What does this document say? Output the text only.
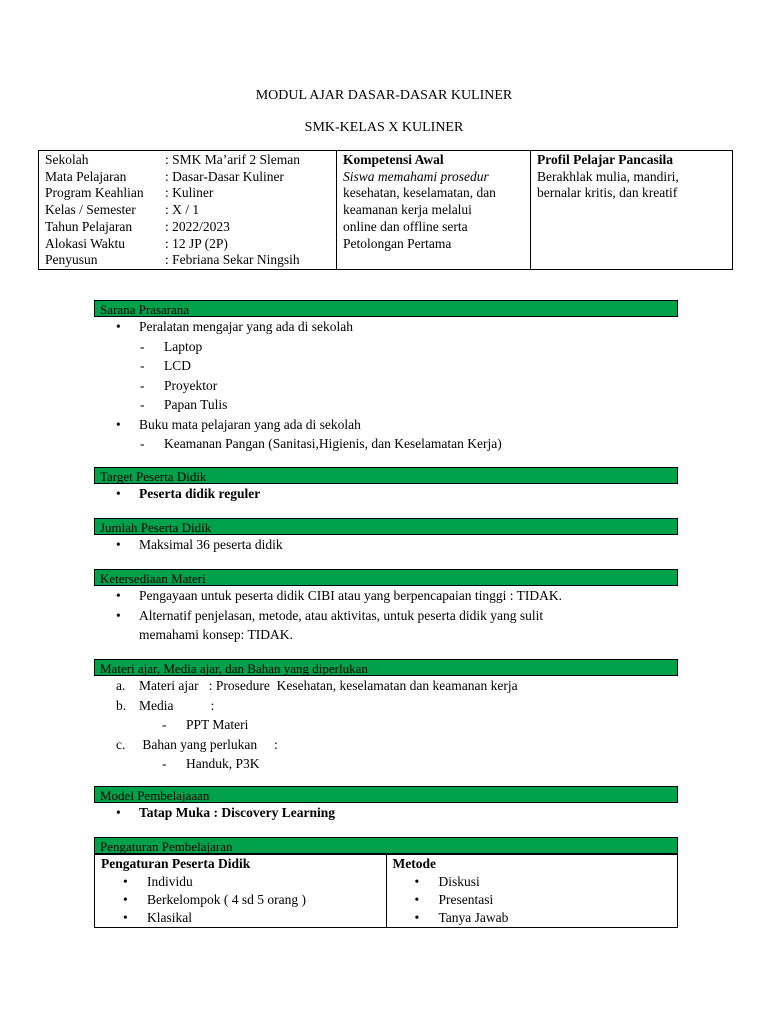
MODUL AJAR DASAR-DASAR KULINER
SMK-KELAS X KULINER
Sekolah	: SMK Ma’arif 2 Sleman
Mata Pelajaran	: Dasar-Dasar Kuliner
Program Keahlian	: Kuliner
Kelas / Semester	: X / 1
Tahun Pelajaran	: 2022/2023
Alokasi Waktu	: 12 JP (2P)
Penyusun	: Febriana Sekar Ningsih

Kompetensi Awal
Siswa memahami prosedur
kesehatan, keselamatan, dan
keamanan kerja melalui
online dan offline serta
Petolongan Pertama

Profil Pelajar Pancasila
Berakhlak mulia, mandiri,
bernalar kritis, dan kreatif
Sarana Prasarana
• Peralatan mengajar yang ada di sekolah
- Laptop
- LCD
- Proyektor
- Papan Tulis
• Buku mata pelajaran yang ada di sekolah
- Keamanan Pangan (Sanitasi,Higienis, dan Keselamatan Kerja)
Target Peserta Didik
• Peserta didik reguler
Jumlah Peserta Didik
• Maksimal 36 peserta didik
Ketersediaan Materi
• Pengayaan untuk peserta didik CIBI atau yang berpencapaian tinggi : TIDAK.
• Alternatif penjelasan, metode, atau aktivitas, untuk peserta didik yang sulit
memahami konsep: TIDAK.
Materi ajar, Media ajar, dan Bahan yang diperlukan
a. Materi ajar   : Prosedure  Kesehatan, keselamatan dan keamanan kerja
b. Media           :
- PPT Materi
c. Bahan yang perlukan     :
- Handuk, P3K
Model Pembelajaaan
• Tatap Muka : Discovery Learning
Pengaturan Pembelajaran
Pengaturan Peserta Didik
• Individu
• Berkelompok ( 4 sd 5 orang )
• Klasikal

Metode
• Diskusi
• Presentasi
• Tanya Jawab
